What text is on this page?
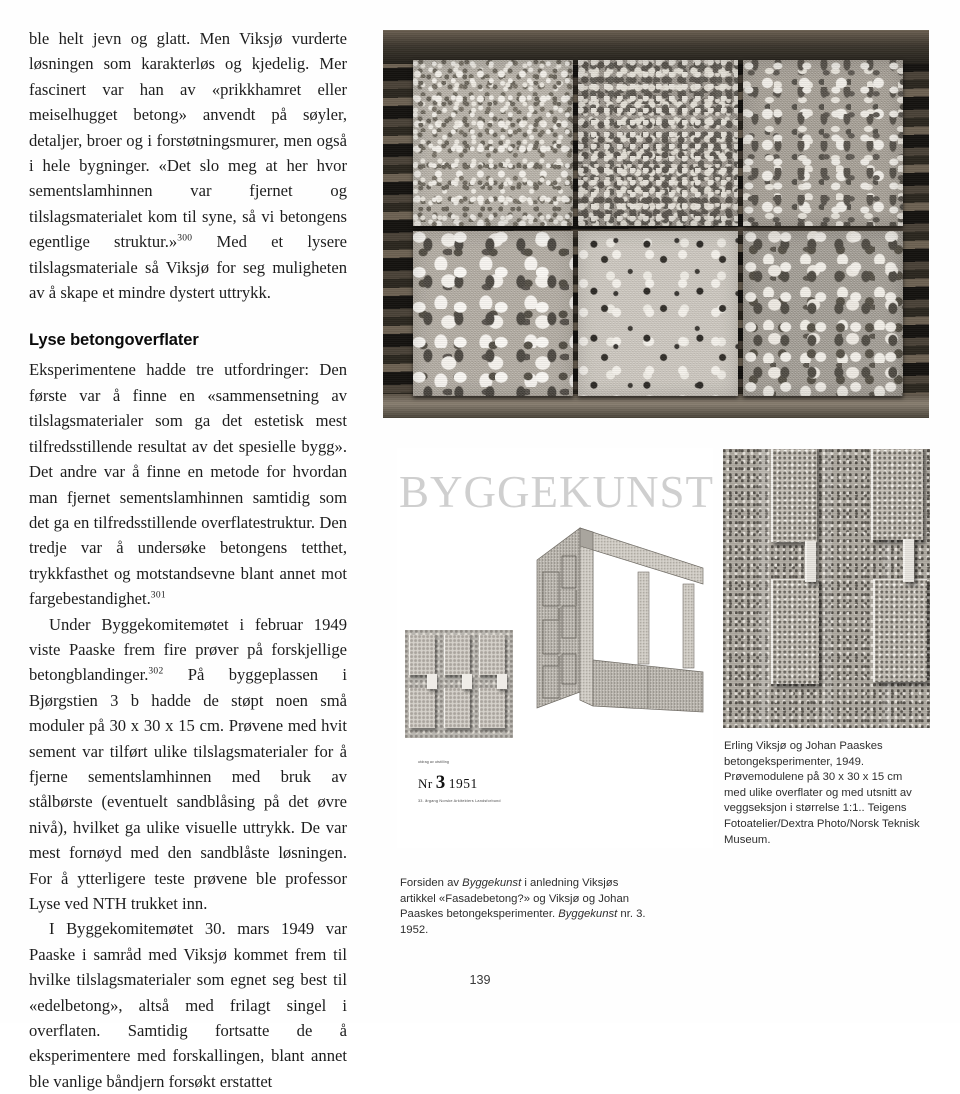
ble helt jevn og glatt. Men Viksjø vurderte løsningen som karakterløs og kjedelig. Mer fascinert var han av «prikkhamret eller meiselhugget betong» anvendt på søyler, detaljer, broer og i forstøtningsmurer, men også i hele bygninger. «Det slo meg at her hvor sementslamhinnen var fjernet og tilslagsmaterialet kom til syne, så vi betongens egentlige struktur.»$^{300}$ Med et lysere tilslagsmateriale så Viksjø for seg muligheten av å skape et mindre dystert uttrykk.

Lyse betongoverflater

Eksperimentene hadde tre utfordringer: Den første var å finne en «sammensetning av tilslagsmaterialer som ga det estetisk mest tilfredsstillende resultat av det spesielle bygg». Det andre var å finne en metode for hvordan man fjernet sementslamhinnen samtidig som det ga en tilfredsstillende overflatestruktur. Den tredje var å undersøke betongens tetthet, trykkfasthet og motstandsevne blant annet mot fargebestandighet.$^{301}$

Under Byggekomitemøtet i februar 1949 viste Paaske frem fire prøver på forskjellige betongblandinger.$^{302}$ På byggeplassen i Bjørgstien 3 b hadde de støpt noen små moduler på 30 x 30 x 15 cm. Prøvene med hvit sement var tilført ulike tilslagsmaterialer for å fjerne sementslamhinnen med bruk av stålbørste (eventuelt sandblåsing på det øvre nivå), hvilket ga ulike visuelle uttrykk. De var mest fornøyd med den sandblåste løsningen. For å ytterligere teste prøvene ble professor Lyse ved NTH trukket inn.

I Byggekomitemøtet 30. mars 1949 var Paaske i samråd med Viksjø kommet frem til hvilke tilslagsmaterialer som egnet seg best til «edelbetong», altså med frilagt singel i overflaten. Samtidig fortsatte de å eksperimentere med forskallingen, blant annet ble vanlige båndjern forsøkt erstattet

BYGGEKUNST
utdrag av utstilling
Nr 3 1951
33. årgang Norske Arkitekters Landsforbund
Erling Viksjø og Johan Paaskes betongeksperimenter, 1949. Prøvemodulene på 30 x 30 x 15 cm med ulike overflater og med utsnitt av veggseksjon i størrelse 1:1.. Teigens Fotoatelier/Dextra Photo/Norsk Teknisk Museum.
Forsiden av Byggekunst i anledning Viksjøs artikkel «Fasadebetong?» og Viksjø og Johan Paaskes betongeksperimenter. Byggekunst nr. 3. 1952.
139
